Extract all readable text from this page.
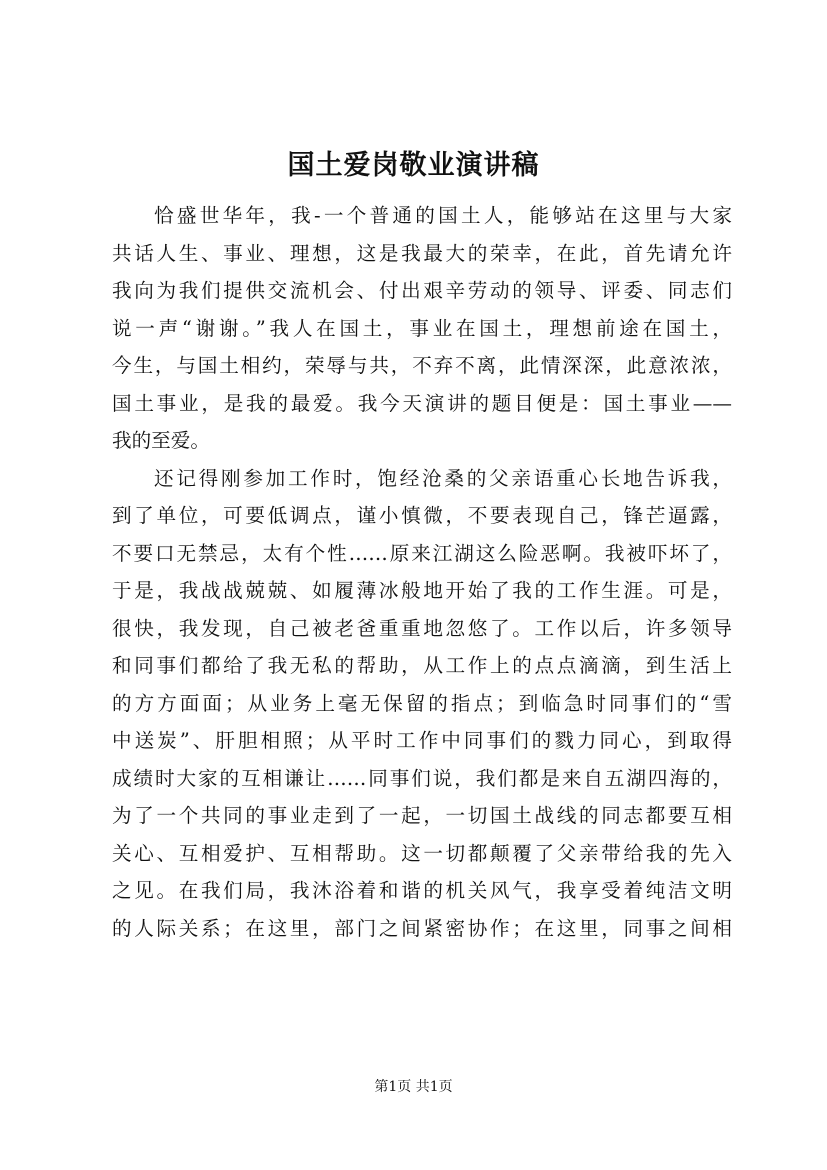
国土爱岗敬业演讲稿
恰盛世华年，我-一个普通的国土人，能够站在这里与大家
共话人生、事业、理想，这是我最大的荣幸，在此，首先请允许
我向为我们提供交流机会、付出艰辛劳动的领导、评委、同志们
说一声“谢谢。”我人在国土，事业在国土，理想前途在国土，
今生，与国土相约，荣辱与共，不弃不离，此情深深，此意浓浓，
国土事业，是我的最爱。我今天演讲的题目便是：国土事业——
我的至爱。
还记得刚参加工作时，饱经沧桑的父亲语重心长地告诉我，
到了单位，可要低调点，谨小慎微，不要表现自己，锋芒逼露，
不要口无禁忌，太有个性……原来江湖这么险恶啊。我被吓坏了，
于是，我战战兢兢、如履薄冰般地开始了我的工作生涯。可是，
很快，我发现，自己被老爸重重地忽悠了。工作以后，许多领导
和同事们都给了我无私的帮助，从工作上的点点滴滴，到生活上
的方方面面；从业务上毫无保留的指点；到临急时同事们的“雪
中送炭”、肝胆相照；从平时工作中同事们的戮力同心，到取得
成绩时大家的互相谦让……同事们说，我们都是来自五湖四海的，
为了一个共同的事业走到了一起，一切国土战线的同志都要互相
关心、互相爱护、互相帮助。这一切都颠覆了父亲带给我的先入
之见。在我们局，我沐浴着和谐的机关风气，我享受着纯洁文明
的人际关系；在这里，部门之间紧密协作；在这里，同事之间相
第1页 共1页
